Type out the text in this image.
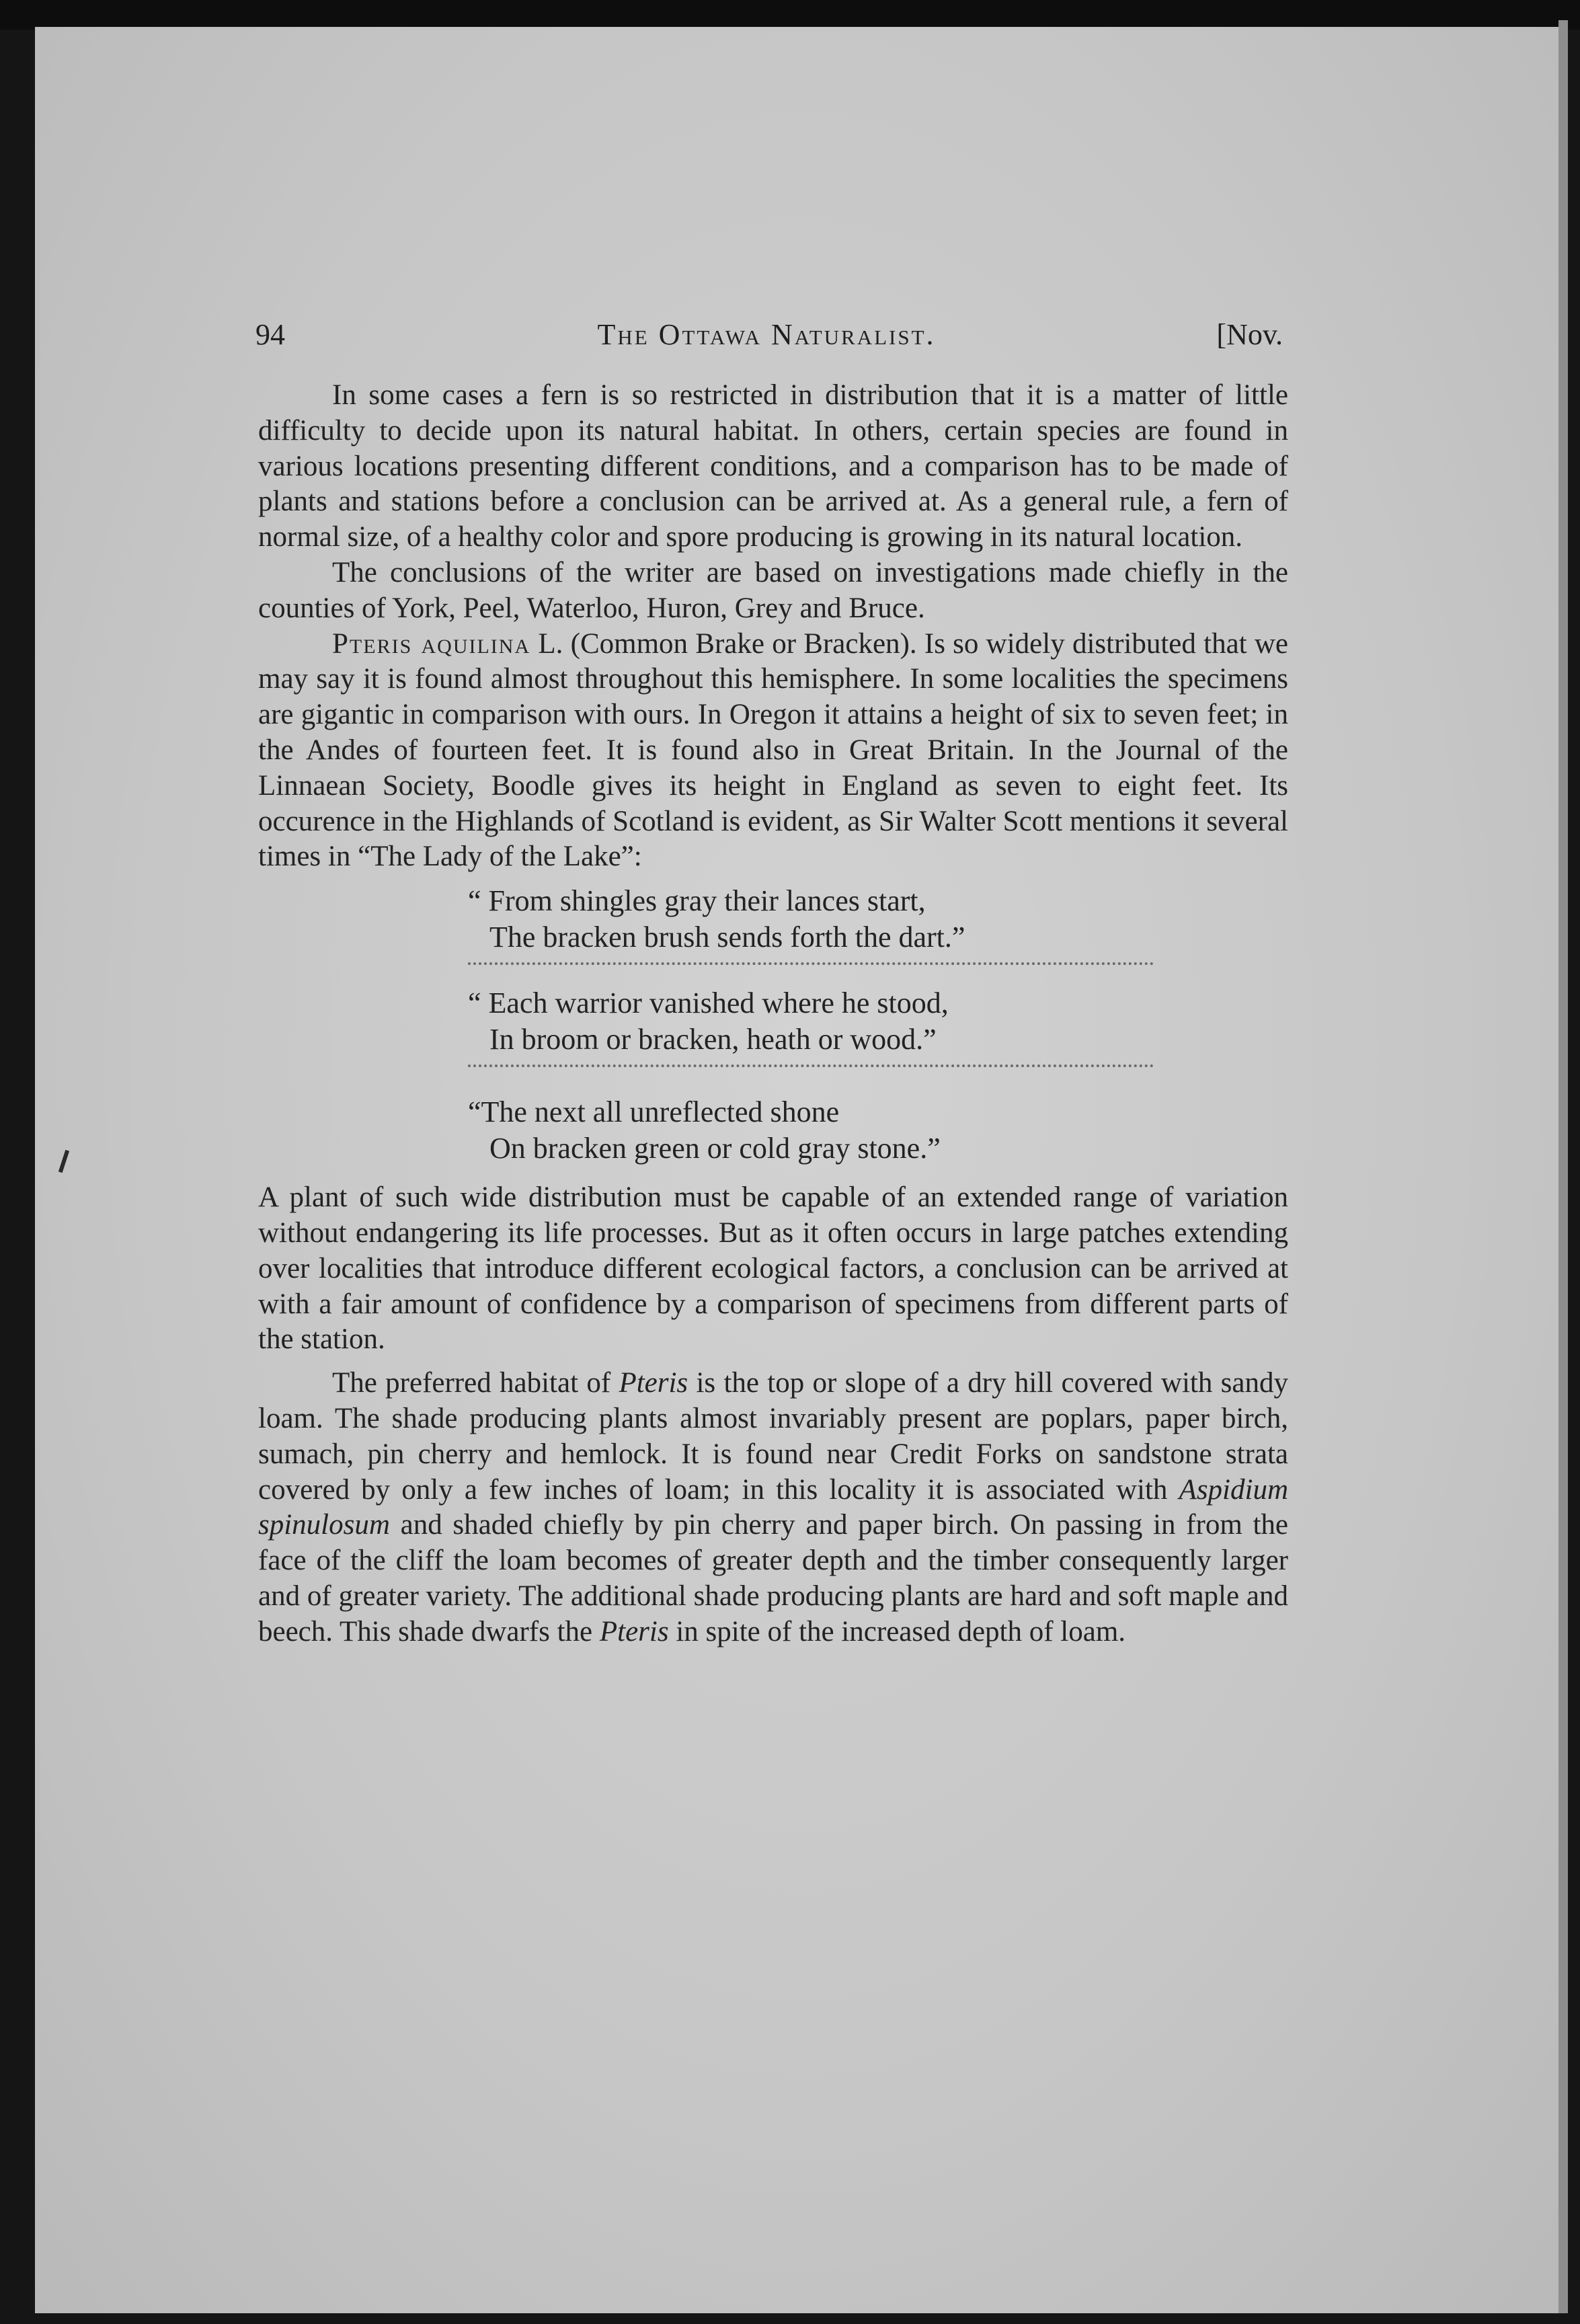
94	The Ottawa Naturalist.	[Nov.

In some cases a fern is so restricted in distribution that it is a matter of little difficulty to decide upon its natural habitat. In others, certain species are found in various locations presenting different conditions, and a comparison has to be made of plants and stations before a conclusion can be arrived at. As a general rule, a fern of normal size, of a healthy color and spore producing is growing in its natural location.

The conclusions of the writer are based on investigations made chiefly in the counties of York, Peel, Waterloo, Huron, Grey and Bruce.

Pteris aquilina L. (Common Brake or Bracken). Is so widely distributed that we may say it is found almost throughout this hemisphere. In some localities the specimens are gigantic in comparison with ours. In Oregon it attains a height of six to seven feet; in the Andes of fourteen feet. It is found also in Great Britain. In the Journal of the Linnaean Society, Boodle gives its height in England as seven to eight feet. Its occurence in the Highlands of Scotland is evident, as Sir Walter Scott mentions it several times in “The Lady of the Lake”:

“ From shingles gray their lances start,
The bracken brush sends forth the dart.”
“ Each warrior vanished where he stood,
In broom or bracken, heath or wood.”
“The next all unreflected shone
On bracken green or cold gray stone.”

A plant of such wide distribution must be capable of an extended range of variation without endangering its life processes. But as it often occurs in large patches extending over localities that introduce different ecological factors, a conclusion can be arrived at with a fair amount of confidence by a comparison of specimens from different parts of the station.

The preferred habitat of Pteris is the top or slope of a dry hill covered with sandy loam. The shade producing plants almost invariably present are poplars, paper birch, sumach, pin cherry and hemlock. It is found near Credit Forks on sandstone strata covered by only a few inches of loam; in this locality it is associated with Aspidium spinulosum and shaded chiefly by pin cherry and paper birch. On passing in from the face of the cliff the loam becomes of greater depth and the timber consequently larger and of greater variety. The additional shade producing plants are hard and soft maple and beech. This shade dwarfs the Pteris in spite of the increased depth of loam.
